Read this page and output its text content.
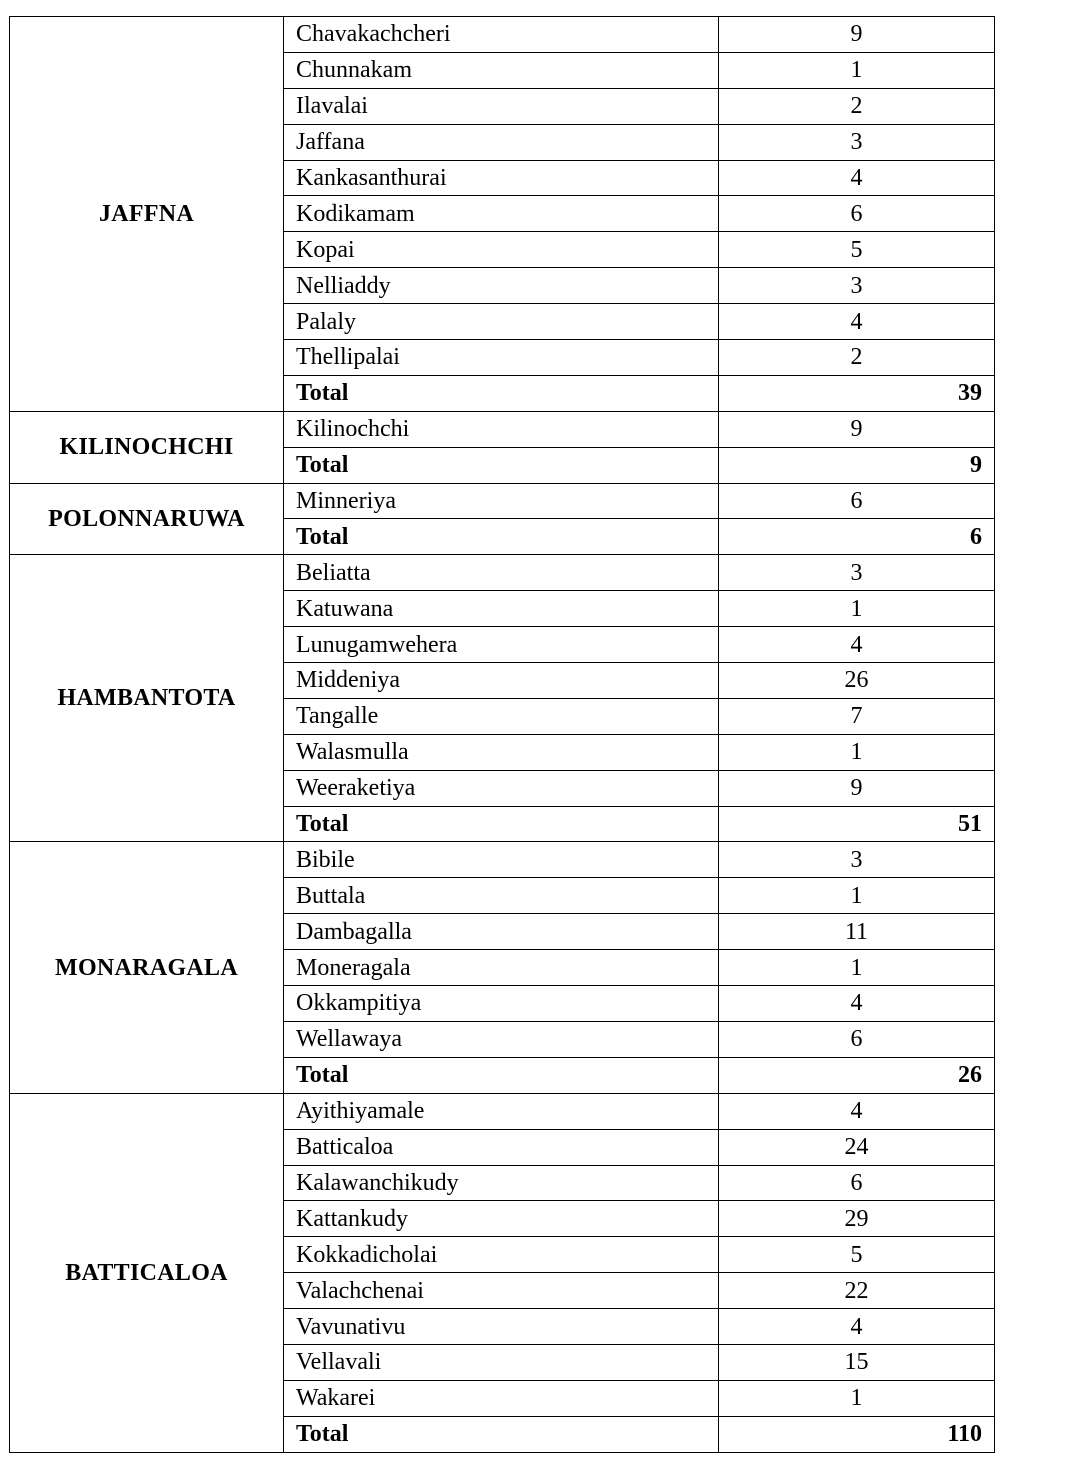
JAFFNA	Chavakachcheri	9
	Chunnakam	1
	Ilavalai	2
	Jaffana	3
	Kankasanthurai	4
	Kodikamam	6
	Kopai	5
	Nelliaddy	3
	Palaly	4
	Thellipalai	2
	Total	39
KILINOCHCHI	Kilinochchi	9
	Total	9
POLONNARUWA	Minneriya	6
	Total	6
HAMBANTOTA	Beliatta	3
	Katuwana	1
	Lunugamwehera	4
	Middeniya	26
	Tangalle	7
	Walasmulla	1
	Weeraketiya	9
	Total	51
MONARAGALA	Bibile	3
	Buttala	1
	Dambagalla	11
	Moneragala	1
	Okkampitiya	4
	Wellawaya	6
	Total	26
BATTICALOA	Ayithiyamale	4
	Batticaloa	24
	Kalawanchikudy	6
	Kattankudy	29
	Kokkadicholai	5
	Valachchenai	22
	Vavunativu	4
	Vellavali	15
	Wakarei	1
	Total	110
